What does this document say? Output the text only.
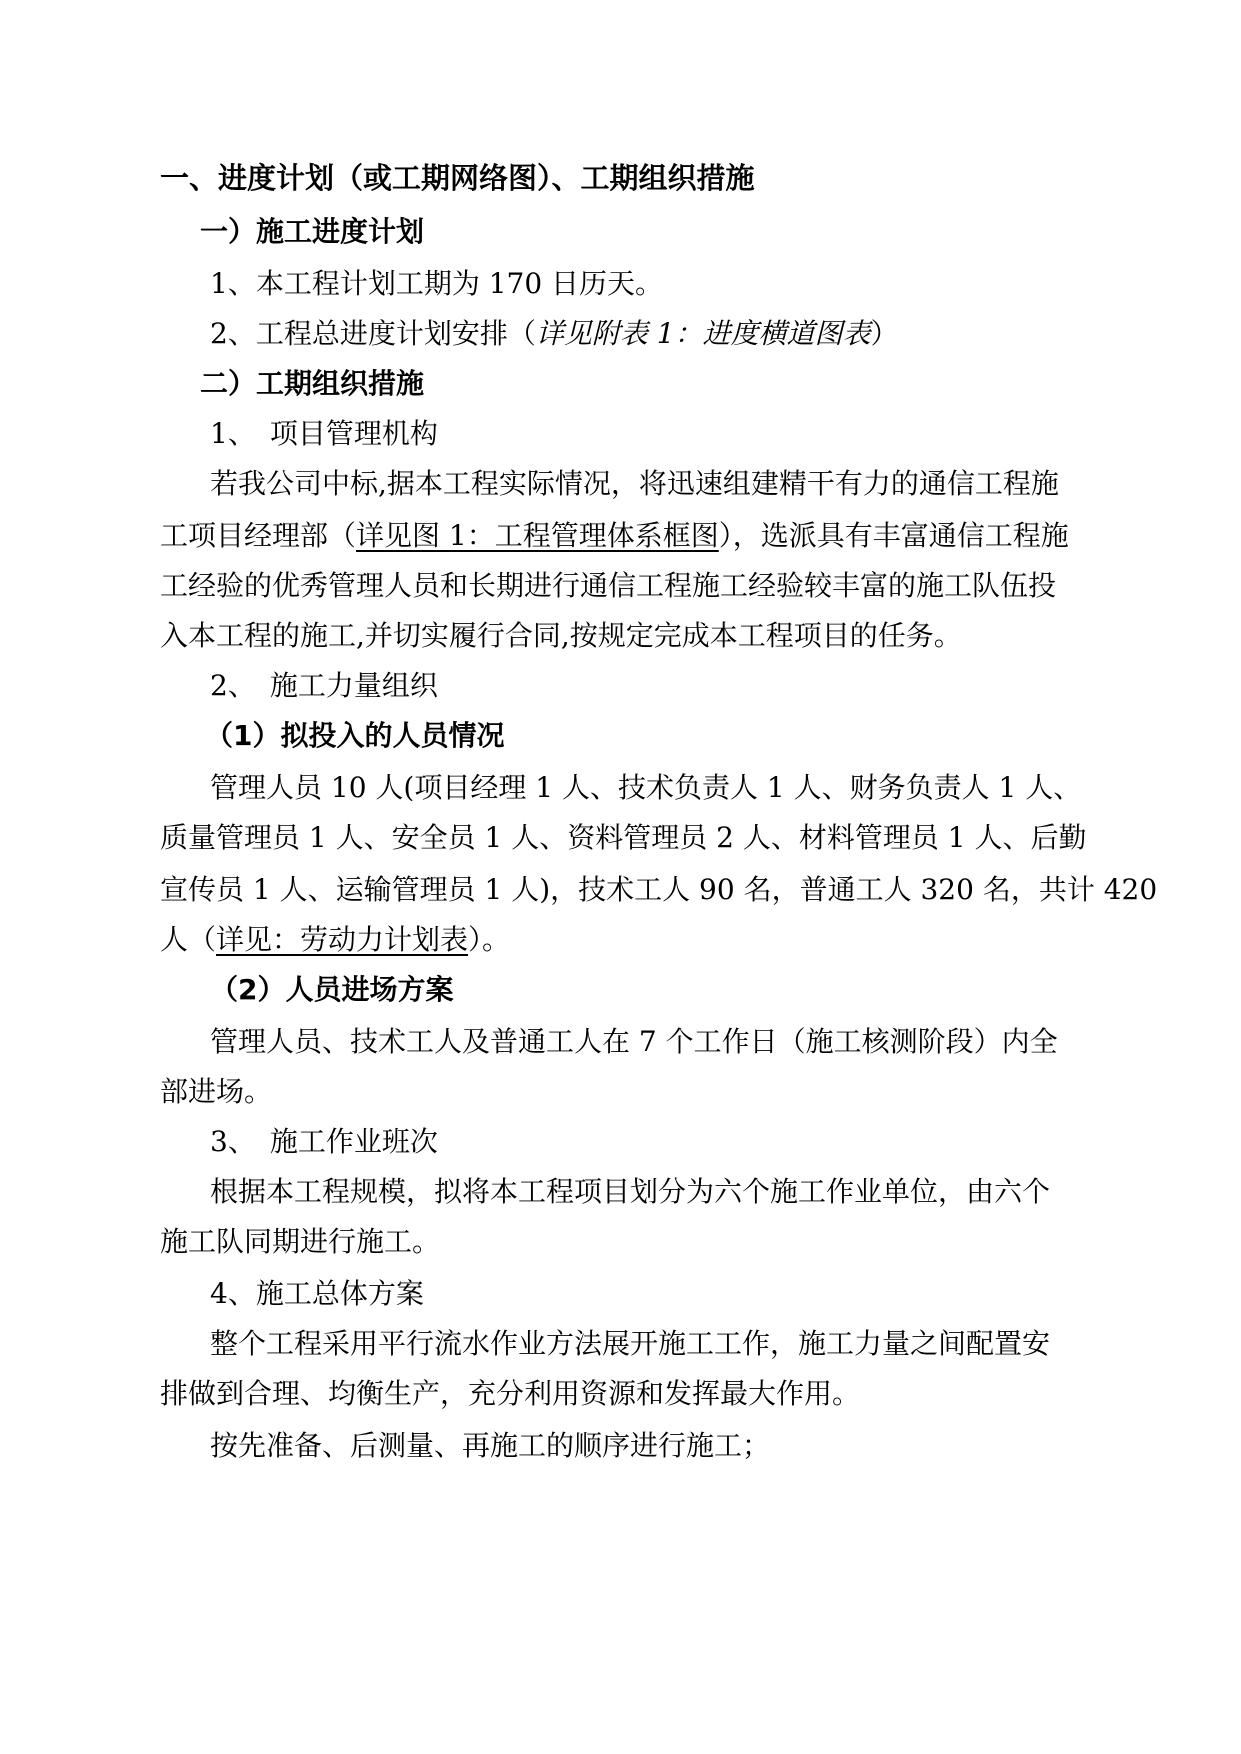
一、进度计划（或工期网络图）、工期组织措施
一）施工进度计划
1、本工程计划工期为 170 日历天。
2、工程总进度计划安排（详见附表 1：进度横道图表）
二）工期组织措施
1、　项目管理机构
若我公司中标,据本工程实际情况，将迅速组建精干有力的通信工程施
工项目经理部（详见图 1：工程管理体系框图），选派具有丰富通信工程施
工经验的优秀管理人员和长期进行通信工程施工经验较丰富的施工队伍投
入本工程的施工,并切实履行合同,按规定完成本工程项目的任务。
2、　施工力量组织
（1）拟投入的人员情况
管理人员 10 人(项目经理 1 人、技术负责人 1 人、财务负责人 1 人、
质量管理员 1 人、安全员 1 人、资料管理员 2 人、材料管理员 1 人、后勤
宣传员 1 人、运输管理员 1 人)，技术工人 90 名，普通工人 320 名，共计 420
人（详见：劳动力计划表）。
（2）人员进场方案
管理人员、技术工人及普通工人在 7 个工作日（施工核测阶段）内全
部进场。
3、　施工作业班次
根据本工程规模，拟将本工程项目划分为六个施工作业单位，由六个
施工队同期进行施工。
4、施工总体方案
整个工程采用平行流水作业方法展开施工工作，施工力量之间配置安
排做到合理、均衡生产，充分利用资源和发挥最大作用。
按先准备、后测量、再施工的顺序进行施工；
